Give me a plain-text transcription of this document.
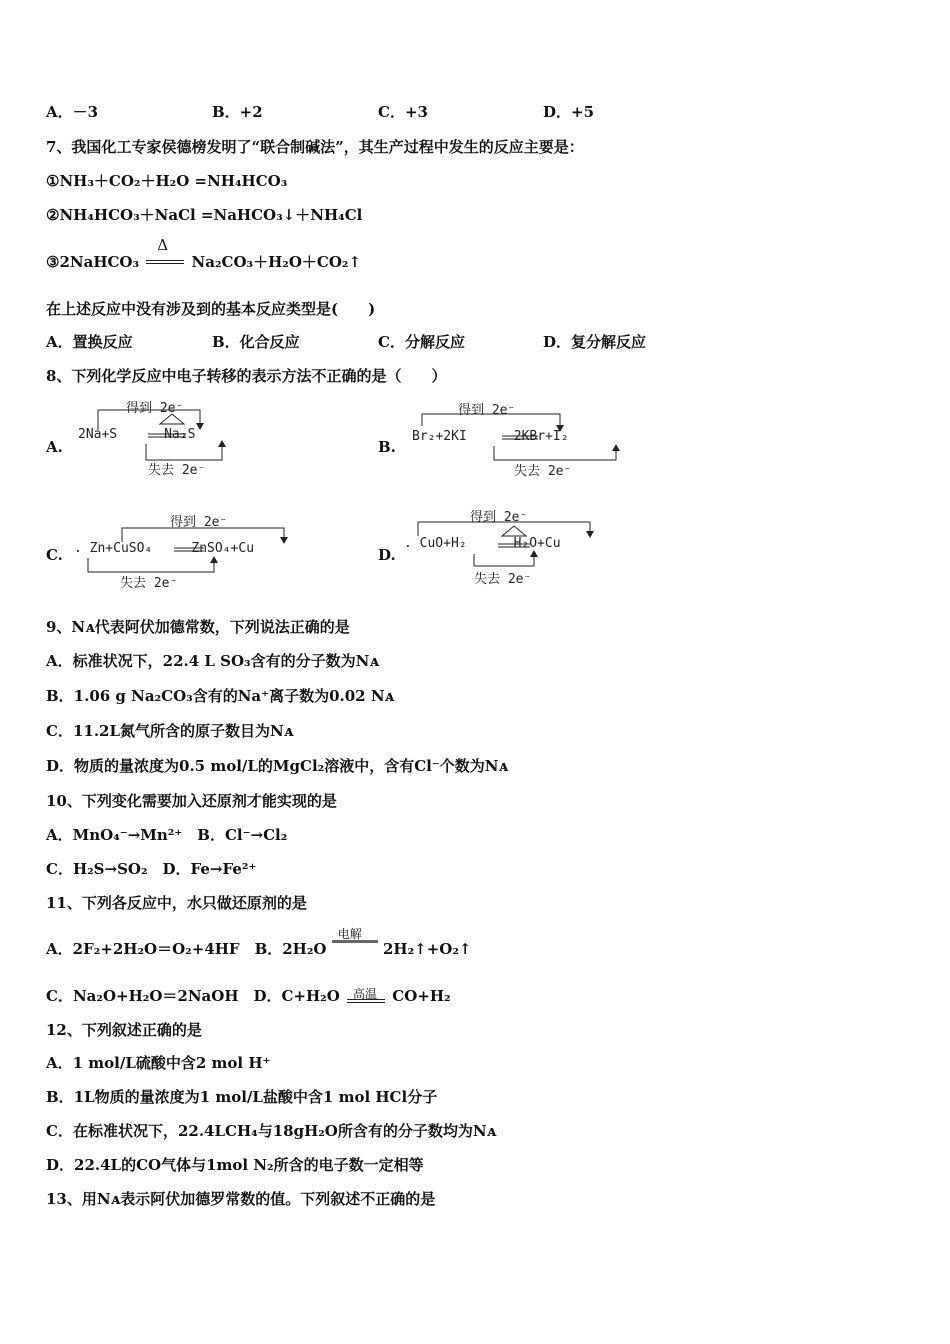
A．－3	B．+2	C．+3	D．+5
7、我国化工专家侯德榜发明了“联合制碱法”，其生产过程中发生的反应主要是：
①NH₃＋CO₂＋H₂O =NH₄HCO₃
②NH₄HCO₃＋NaCl =NaHCO₃↓＋NH₄Cl
③2NaHCO₃
Δ
Na₂CO₃＋H₂O＋CO₂↑
在上述反应中没有涉及到的基本反应类型是(　　)
A．置换反应	B．化合反应	C．分解反应	D．复分解反应
8、下列化学反应中电子转移的表示方法不正确的是（　　）
A.
得到 2e⁻
2Na+S      Na₂S
失去 2e⁻
B.
得到 2e⁻
Br₂+2KI      2KBr+I₂
失去 2e⁻
C.
得到 2e⁻
. Zn+CuSO₄     ZnSO₄+Cu
失去 2e⁻
D.
得到 2e⁻
. CuO+H₂      H₂O+Cu
失去 2e⁻
9、Nᴀ代表阿伏加德常数，下列说法正确的是
A．标准状况下，22.4 L SO₃含有的分子数为Nᴀ
B．1.06 g Na₂CO₃含有的Na⁺离子数为0.02 Nᴀ
C．11.2L氮气所含的原子数目为Nᴀ
D．物质的量浓度为0.5 mol/L的MgCl₂溶液中，含有Cl⁻个数为Nᴀ
10、下列变化需要加入还原剂才能实现的是
A．MnO₄⁻→Mn²⁺　B．Cl⁻→Cl₂
C．H₂S→SO₂　D．Fe→Fe²⁺
11、下列各反应中，水只做还原剂的是
A．2F₂+2H₂O＝O₂+4HF　B．2H₂O
电解
2H₂↑+O₂↑
C．Na₂O+H₂O＝2NaOH　D．C+H₂O 高温 CO+H₂
12、下列叙述正确的是
A．1 mol/L硫酸中含2 mol H⁺
B．1L物质的量浓度为1 mol/L盐酸中含1 mol HCl分子
C．在标准状况下，22.4LCH₄与18gH₂O所含有的分子数均为Nᴀ
D．22.4L的CO气体与1mol N₂所含的电子数一定相等
13、用Nᴀ表示阿伏加德罗常数的值。下列叙述不正确的是
